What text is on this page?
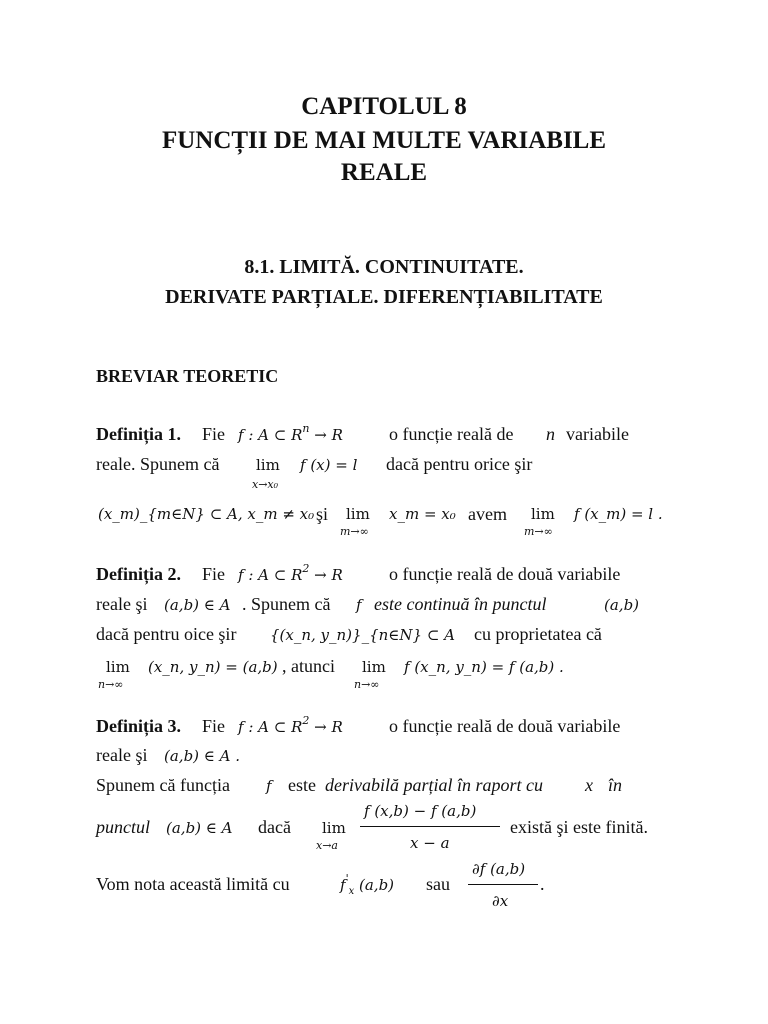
CAPITOLUL 8
FUNCȚII DE MAI MULTE VARIABILE
REALE
8.1. LIMITĂ. CONTINUITATE.
DERIVATE PARȚIALE. DIFERENȚIABILITATE
BREVIAR TEORETIC
Definiția 1. Fie f : A ⊂ $R^n \to R$	o funcție reală de n variabile
reale. Spunem că lim
x→x₀
f (x) = l dacă pentru orice şir
(x_m)_{m∈N} ⊂ A, x_m ≠ x₀ şi lim
m→∞
x_m = x₀ avem lim
m→∞
f (x_m) = l .
Definiția 2. Fie f : A ⊂ $R^2 \to R$	o funcție reală de două variabile
reale şi (a,b) ∈ A . Spunem că f este continuă în punctul	(a,b)
dacă pentru oice şir {(x_n, y_n)}_{n∈N} ⊂ A cu proprietatea că
lim
n→∞
(x_n, y_n) = (a,b) , atunci lim
n→∞
f (x_n, y_n) = f (a,b) .
Definiția 3. Fie f : A ⊂ $R^2 \to R$	o funcție reală de două variabile
reale şi (a,b) ∈ A .
Spunem că funcția f este derivabilă parțial în raport cu x în
punctul (a,b) ∈ A dacă lim
x→a
f (x,b) − f (a,b)
x − a
există şi este finită.
Vom nota această limită cu	$f'_x$ (a,b) sau
∂f (a,b)
∂x
.
